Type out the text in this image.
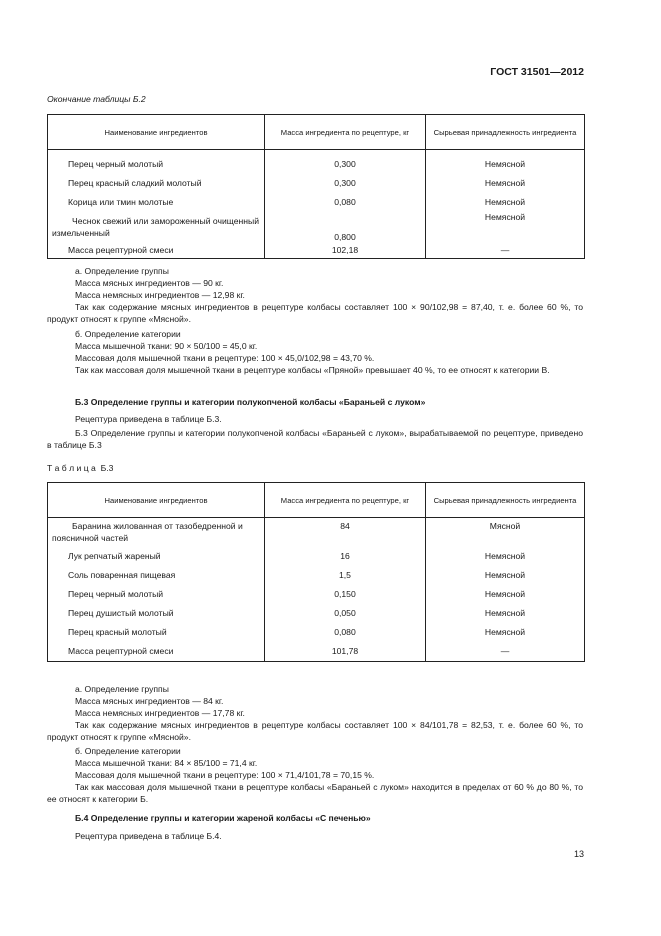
ГОСТ 31501—2012
Окончание таблицы Б.2
Наименование ингредиентов	Масса ингредиента по рецептуре, кг	Сырьевая принадлежность ингредиента

Перец черный молотый	0,300	Немясной
Перец красный сладкий молотый	0,300	Немясной
Корица или тмин молотые	0,080	Немясной
Чеснок свежий или замороженный очищенный измельченный	0,800	Немясной
Масса рецептурной смеси	102,18	—

а. Определение группы

Масса мясных ингредиентов — 90 кг.

Масса немясных ингредиентов — 12,98 кг.

Так как содержание мясных ингредиентов в рецептуре колбасы составляет 100 × 90/102,98 = 87,40, т. е. более 60 %, то продукт относят к группе «Мясной».

б. Определение категории

Масса мышечной ткани: 90 × 50/100 = 45,0 кг.

Массовая доля мышечной ткани в рецептуре: 100 × 45,0/102,98 = 43,70 %.

Так как массовая доля мышечной ткани в рецептуре колбасы «Пряной» превышает 40 %, то ее относят к категории В.

Б.3 Определение группы и категории полукопченой колбасы «Бараньей с луком»

Рецептура приведена в таблице Б.3.

Б.3 Определение группы и категории полукопченой колбасы «Бараньей с луком», вырабатываемой по рецептуре, приведено в таблице Б.3

Т а б л и ц а  Б.3
Наименование ингредиентов	Масса ингредиента по рецептуре, кг	Сырьевая принадлежность ингредиента
Баранина жилованная от тазобедренной и поясничной частей	84	Мясной
Лук репчатый жареный	16	Немясной
Соль поваренная пищевая	1,5	Немясной
Перец черный молотый	0,150	Немясной
Перец душистый молотый	0,050	Немясной
Перец красный молотый	0,080	Немясной
Масса рецептурной смеси	101,78	—

а. Определение группы

Масса мясных ингредиентов — 84 кг.

Масса немясных ингредиентов — 17,78 кг.

Так как содержание мясных ингредиентов в рецептуре колбасы составляет 100 × 84/101,78 = 82,53, т. е. более 60 %, то продукт относят к группе «Мясной».

б. Определение категории

Масса мышечной ткани: 84 × 85/100 = 71,4 кг.

Массовая доля мышечной ткани в рецептуре: 100 × 71,4/101,78 = 70,15 %.

Так как массовая доля мышечной ткани в рецептуре колбасы «Бараньей с луком» находится в пределах от 60 % до 80 %, то ее относят к категории Б.

Б.4 Определение группы и категории жареной колбасы «С печенью»

Рецептура приведена в таблице Б.4.

13
